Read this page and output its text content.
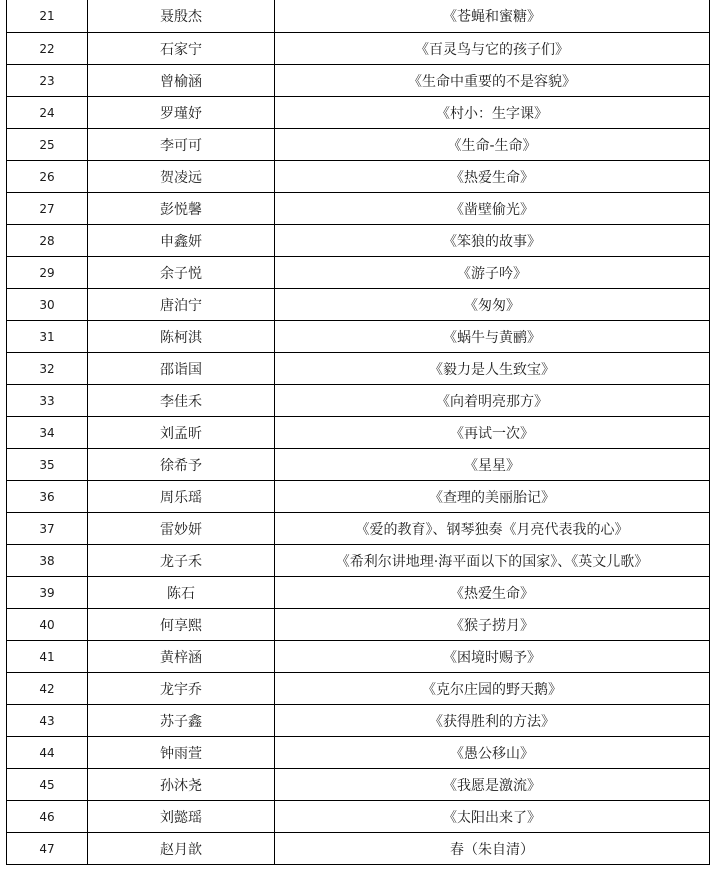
21	聂殷杰	《苍蝇和蜜糖》
22	石家宁	《百灵鸟与它的孩子们》
23	曾榆涵	《生命中重要的不是容貌》
24	罗瑾妤	《村小：生字课》
25	李可可	《生命-生命》
26	贺凌远	《热爱生命》
27	彭悦馨	《凿壁偷光》
28	申鑫妍	《笨狼的故事》
29	余子悦	《游子吟》
30	唐泊宁	《匆匆》
31	陈柯淇	《蜗牛与黄鹂》
32	邵诣国	《毅力是人生致宝》
33	李佳禾	《向着明亮那方》
34	刘孟昕	《再试一次》
35	徐希予	《星星》
36	周乐瑶	《查理的美丽胎记》
37	雷妙妍	《爱的教育》、钢琴独奏《月亮代表我的心》
38	龙子禾	《希利尔讲地理·海平面以下的国家》、《英文儿歌》
39	陈石	《热爱生命》
40	何享熙	《猴子捞月》
41	黄梓涵	《困境时赐予》
42	龙宇乔	《克尔庄园的野天鹅》
43	苏子鑫	《获得胜利的方法》
44	钟雨萱	《愚公移山》
45	孙沐尧	《我愿是激流》
46	刘懿瑶	《太阳出来了》
47	赵月歆	春（朱自清）
